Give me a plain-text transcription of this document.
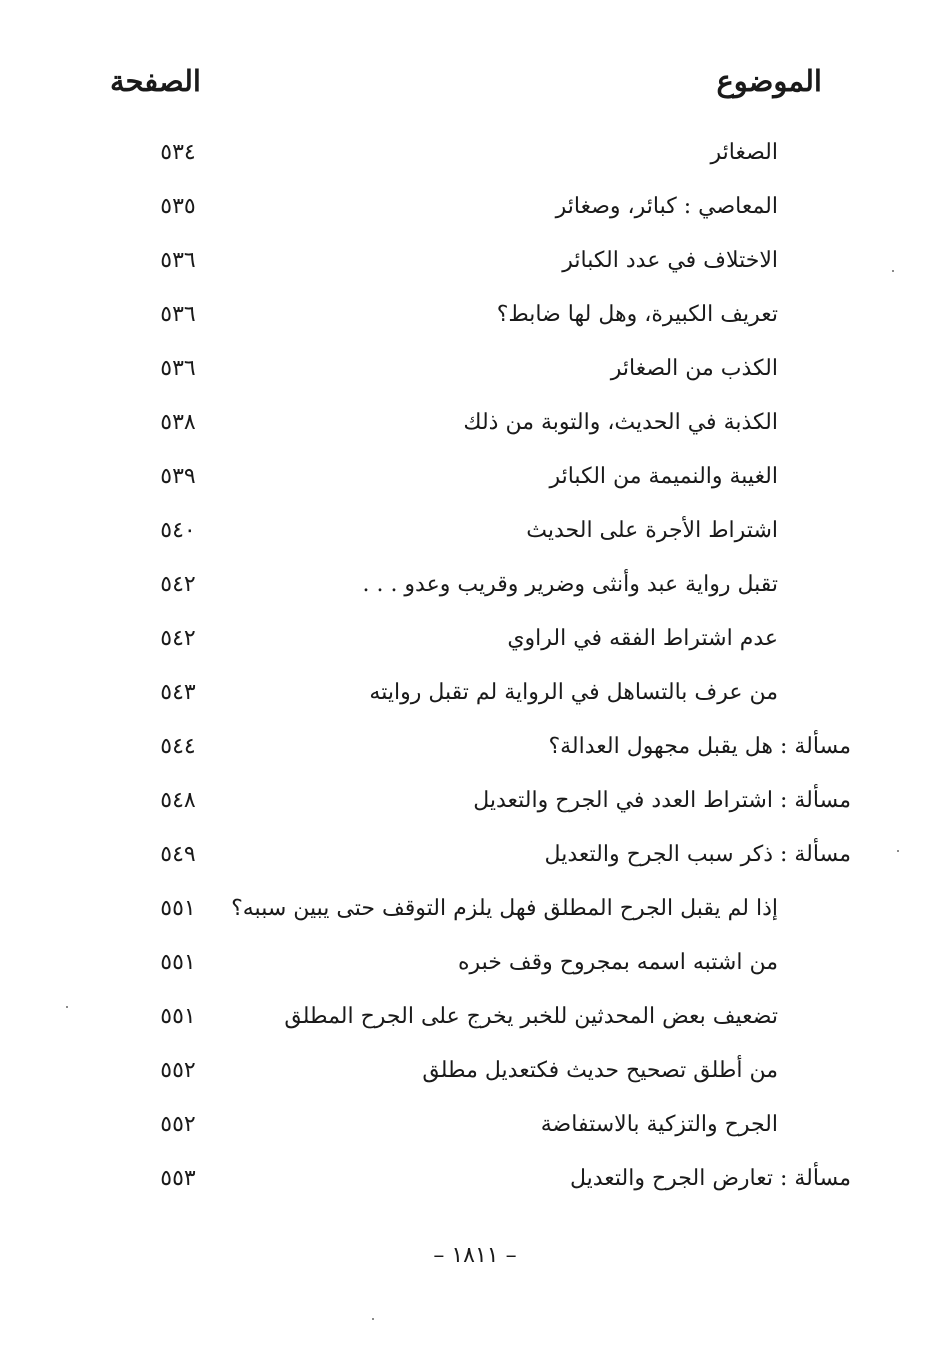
الموضوع
الصفحة
الصغائر
٥٣٤
المعاصي : كبائر، وصغائر
٥٣٥
الاختلاف في عدد الكبائر
٥٣٦
تعريف الكبيرة، وهل لها ضابط؟
٥٣٦
الكذب من الصغائر
٥٣٦
الكذبة في الحديث، والتوبة من ذلك
٥٣٨
الغيبة والنميمة من الكبائر
٥٣٩
اشتراط الأجرة على الحديث
٥٤٠
تقبل رواية عبد وأنثى وضرير وقريب وعدو . . .
٥٤٢
عدم اشتراط الفقه في الراوي
٥٤٢
من عرف بالتساهل في الرواية لم تقبل روايته
٥٤٣
مسألة : هل يقبل مجهول العدالة؟
٥٤٤
مسألة : اشتراط العدد في الجرح والتعديل
٥٤٨
مسألة : ذكر سبب الجرح والتعديل
٥٤٩
إذا لم يقبل الجرح المطلق فهل يلزم التوقف حتى يبين سببه؟
٥٥١
من اشتبه اسمه بمجروح وقف خبره
٥٥١
تضعيف بعض المحدثين للخبر يخرج على الجرح المطلق
٥٥١
من أطلق تصحيح حديث فكتعديل مطلق
٥٥٢
الجرح والتزكية بالاستفاضة
٥٥٢
مسألة : تعارض الجرح والتعديل
٥٥٣
– ١٨١١ –
